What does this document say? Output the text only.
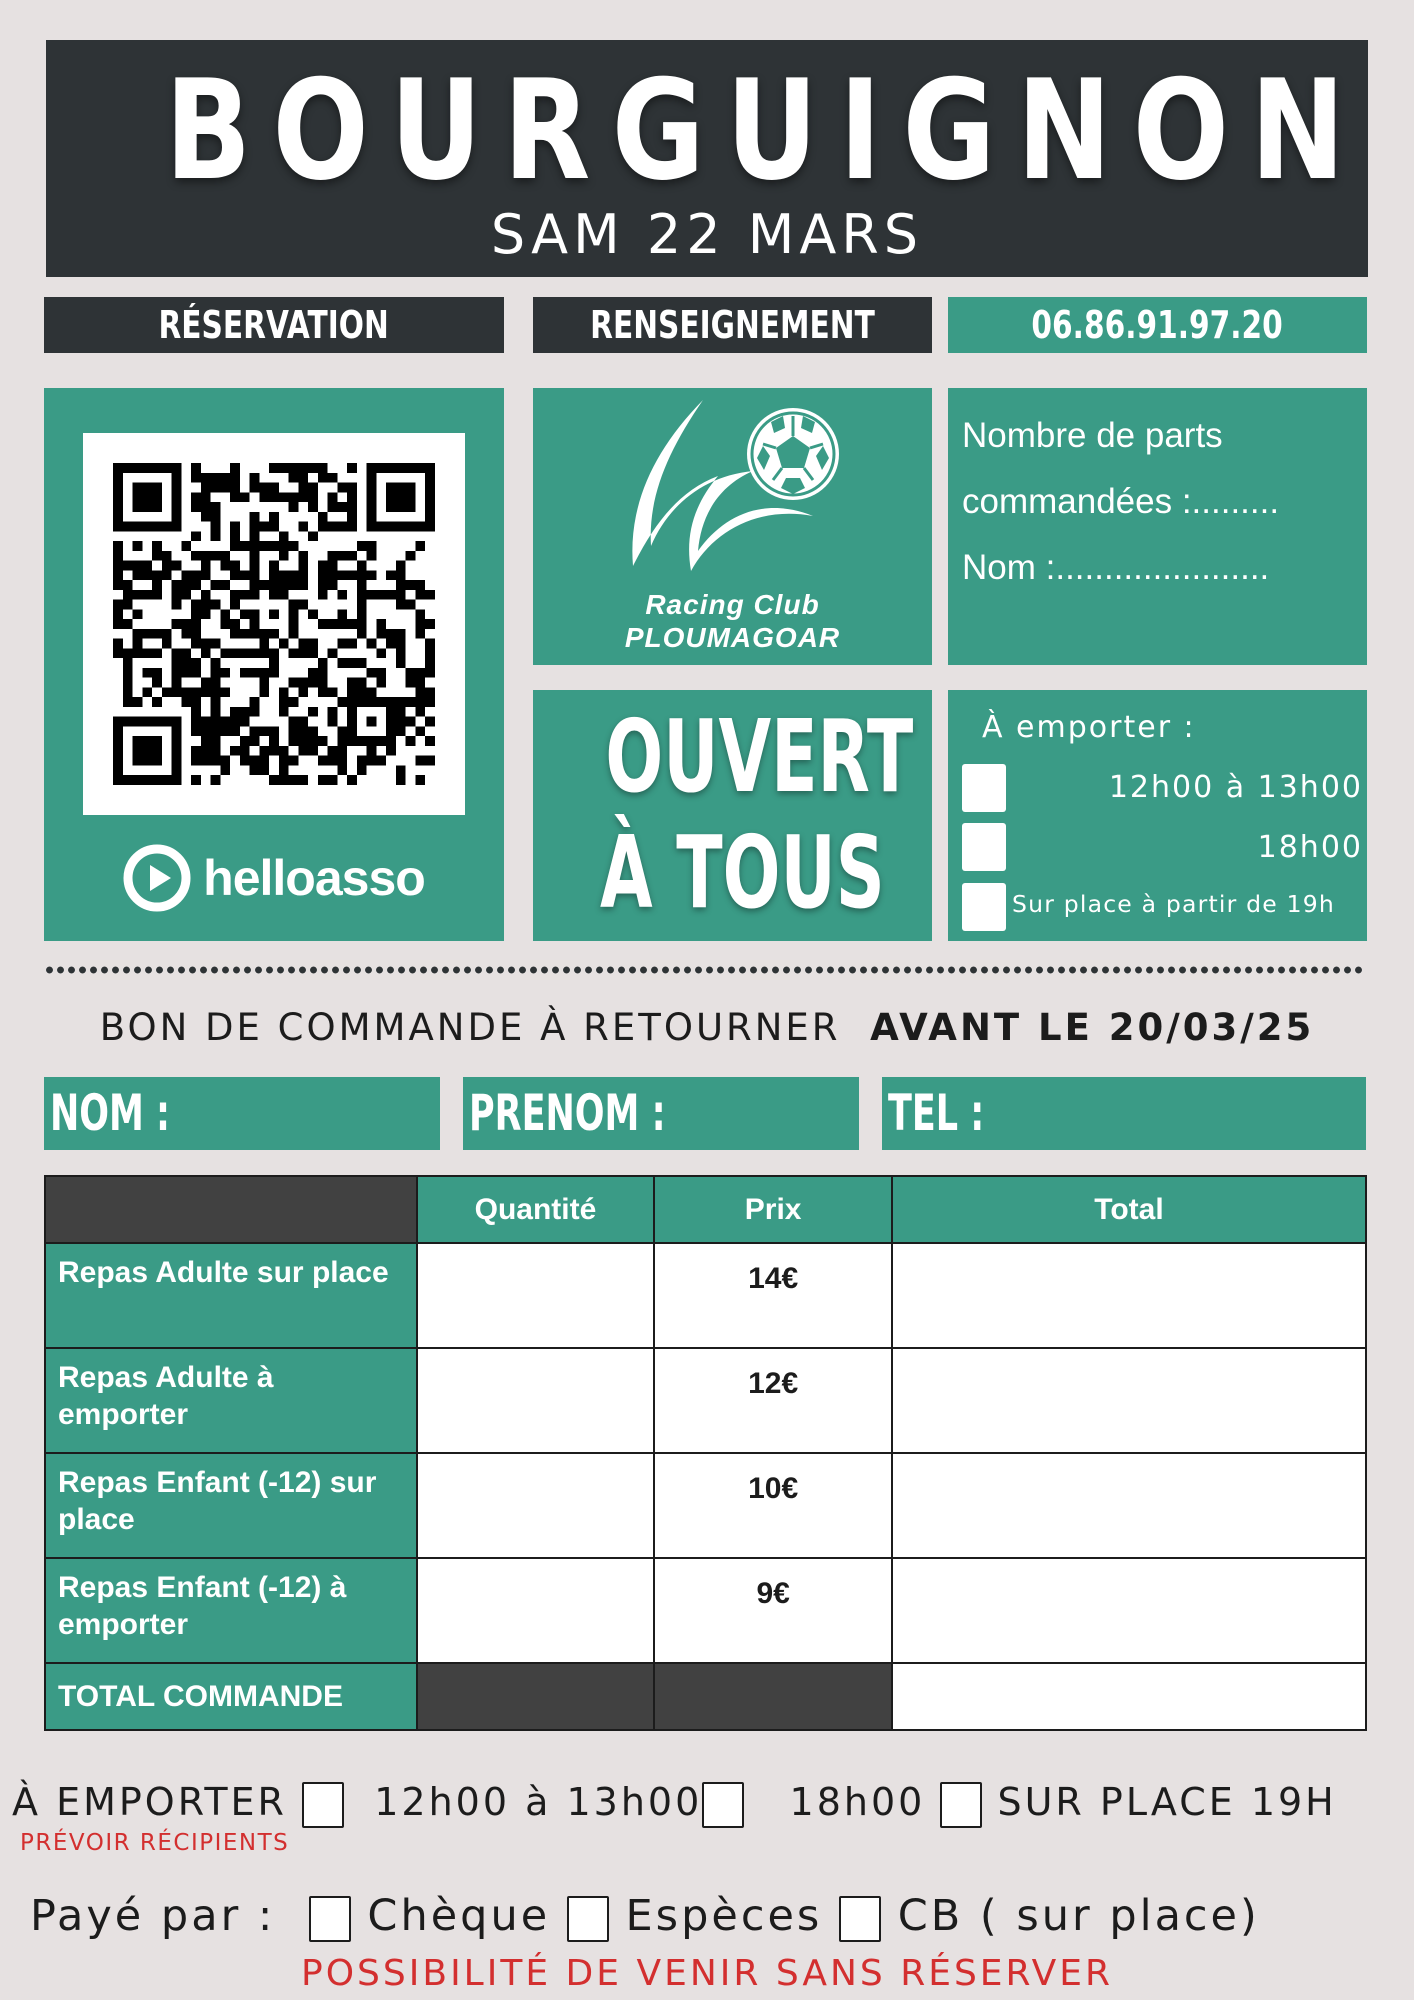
BOURGUIGNON
SAM 22 MARS
RÉSERVATION	RENSEIGNEMENT	06.86.91.97.20
helloasso
Racing Club
PLOUMAGOAR
Nombre de parts
commandées :.........
Nom :......................
OUVERT
À TOUS
À emporter :
12h00 à 13h00
18h00
Sur place à partir de 19h
BON DE COMMANDE À RETOURNER AVANT LE 20/03/25
NOM :	PRENOM :	TEL :
	Quantité	Prix	Total
Repas Adulte sur place		14€	
Repas Adulte à emporter		12€	
Repas Enfant (-12) sur place		10€	
Repas Enfant (-12) à emporter		9€	
TOTAL COMMANDE			
À EMPORTER 12h00 à 13h00 18h00 SUR PLACE 19H
PRÉVOIR RÉCIPIENTS
Payé par : Chèque Espèces CB ( sur place)
POSSIBILITÉ DE VENIR SANS RÉSERVER
